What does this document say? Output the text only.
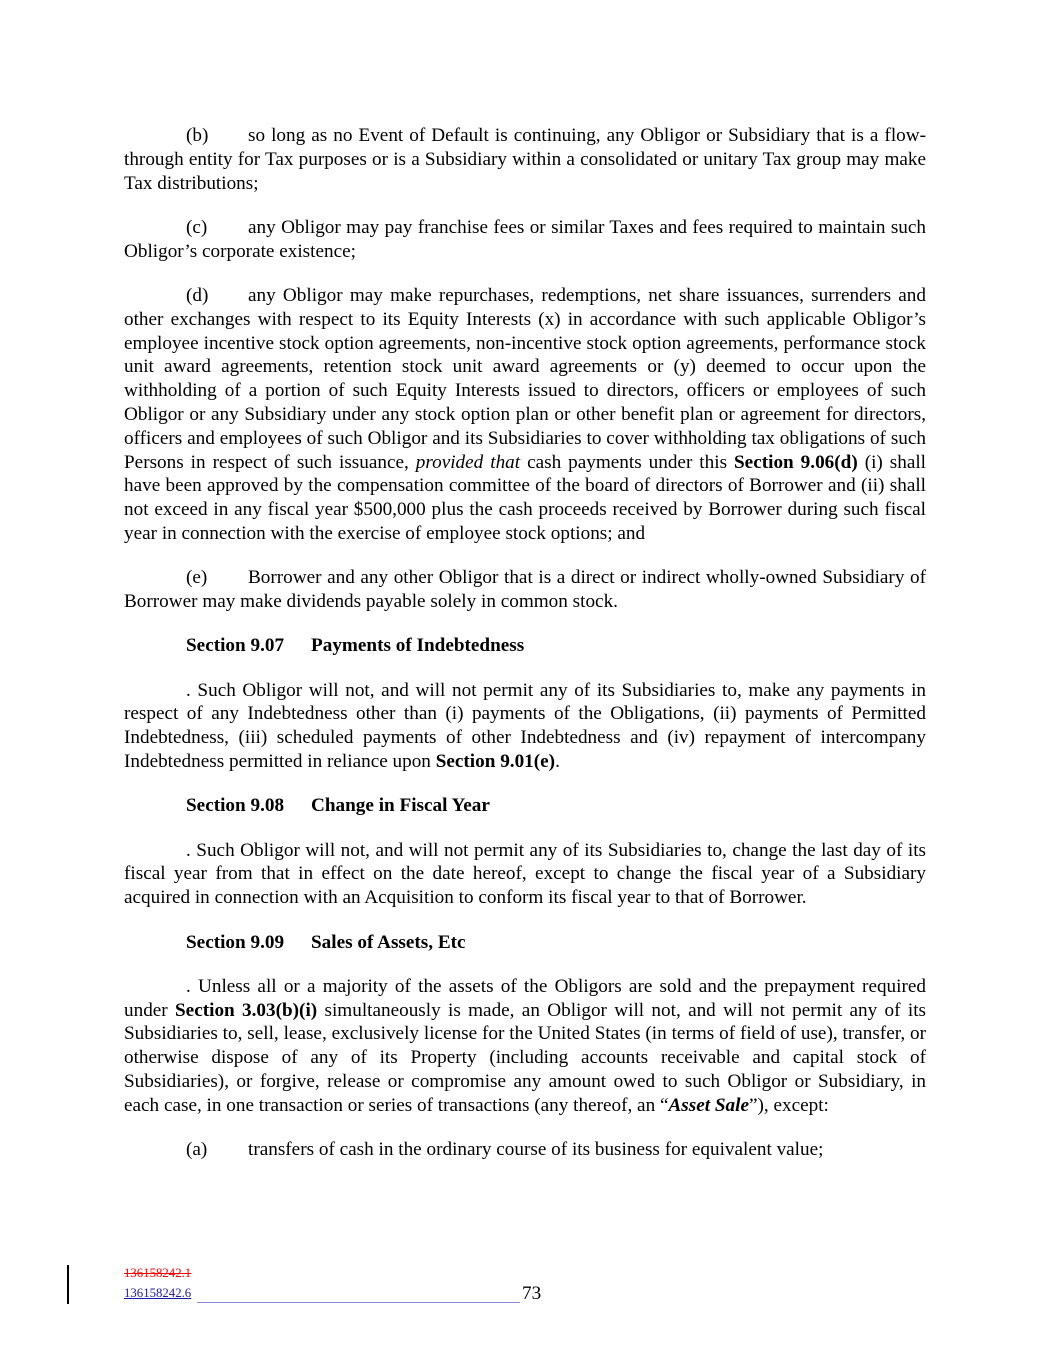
(b) so long as no Event of Default is continuing, any Obligor or Subsidiary that is a flow-through entity for Tax purposes or is a Subsidiary within a consolidated or unitary Tax group may make Tax distributions;

(c) any Obligor may pay franchise fees or similar Taxes and fees required to maintain such Obligor’s corporate existence;

(d) any Obligor may make repurchases, redemptions, net share issuances, surrenders and other exchanges with respect to its Equity Interests (x) in accordance with such applicable Obligor’s employee incentive stock option agreements, non-incentive stock option agreements, performance stock unit award agreements, retention stock unit award agreements or (y) deemed to occur upon the withholding of a portion of such Equity Interests issued to directors, officers or employees of such Obligor or any Subsidiary under any stock option plan or other benefit plan or agreement for directors, officers and employees of such Obligor and its Subsidiaries to cover withholding tax obligations of such Persons in respect of such issuance, provided that cash payments under this Section 9.06(d) (i) shall have been approved by the compensation committee of the board of directors of Borrower and (ii) shall not exceed in any fiscal year $500,000 plus the cash proceeds received by Borrower during such fiscal year in connection with the exercise of employee stock options; and

(e) Borrower and any other Obligor that is a direct or indirect wholly-owned Subsidiary of Borrower may make dividends payable solely in common stock.

Section 9.07 Payments of Indebtedness

. Such Obligor will not, and will not permit any of its Subsidiaries to, make any payments in respect of any Indebtedness other than (i) payments of the Obligations, (ii) payments of Permitted Indebtedness, (iii) scheduled payments of other Indebtedness and (iv) repayment of intercompany Indebtedness permitted in reliance upon Section 9.01(e).

Section 9.08 Change in Fiscal Year

. Such Obligor will not, and will not permit any of its Subsidiaries to, change the last day of its fiscal year from that in effect on the date hereof, except to change the fiscal year of a Subsidiary acquired in connection with an Acquisition to conform its fiscal year to that of Borrower.

Section 9.09 Sales of Assets, Etc

. Unless all or a majority of the assets of the Obligors are sold and the prepayment required under Section 3.03(b)(i) simultaneously is made, an Obligor will not, and will not permit any of its Subsidiaries to, sell, lease, exclusively license for the United States (in terms of field of use), transfer, or otherwise dispose of any of its Property (including accounts receivable and capital stock of Subsidiaries), or forgive, release or compromise any amount owed to such Obligor or Subsidiary, in each case, in one transaction or series of transactions (any thereof, an “Asset Sale”), except:

(a) transfers of cash in the ordinary course of its business for equivalent value;

136158242.1
136158242.6	73
